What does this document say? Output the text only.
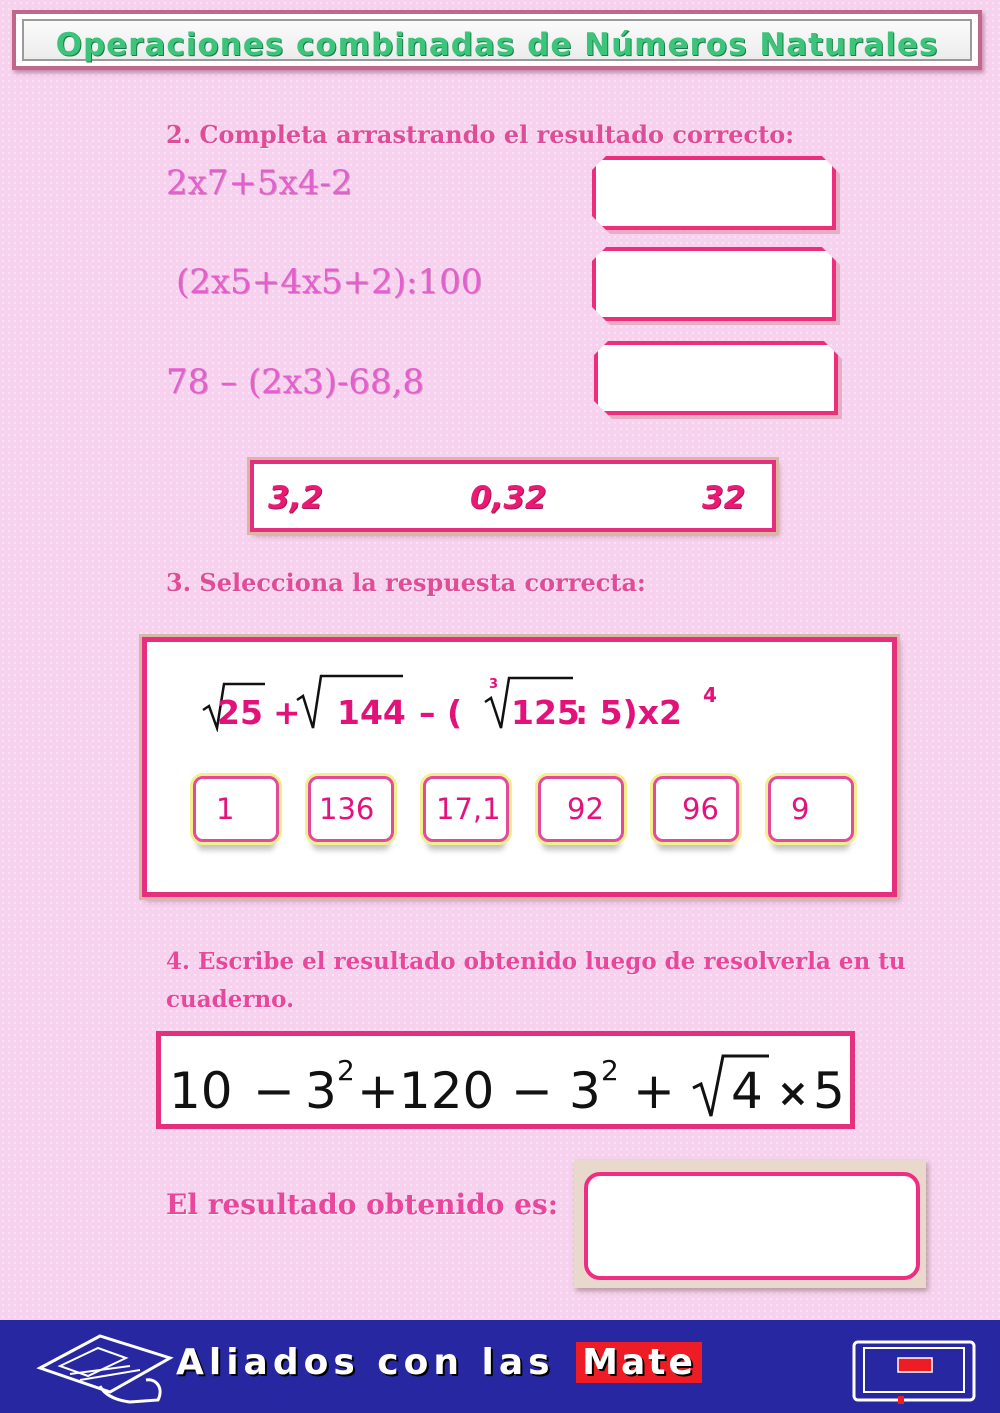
Operaciones combinadas de Números Naturales
2. Completa arrastrando el resultado correcto:
2x7+5x4-2
(2x5+4x5+2):100
78 – (2x3)-68,8
3,2	0,32	32
3. Selecciona la respuesta correcta:
25 + 144 – (
3
125
: 5)x2 4
1	136	17,1	92	96	9
4. Escribe el resultado obtenido luego de resolverla en tu
cuaderno.
10 − 3 2 +120 − 3 2 + 4 × 5
El resultado obtenido es:
Aliados con las Mate
